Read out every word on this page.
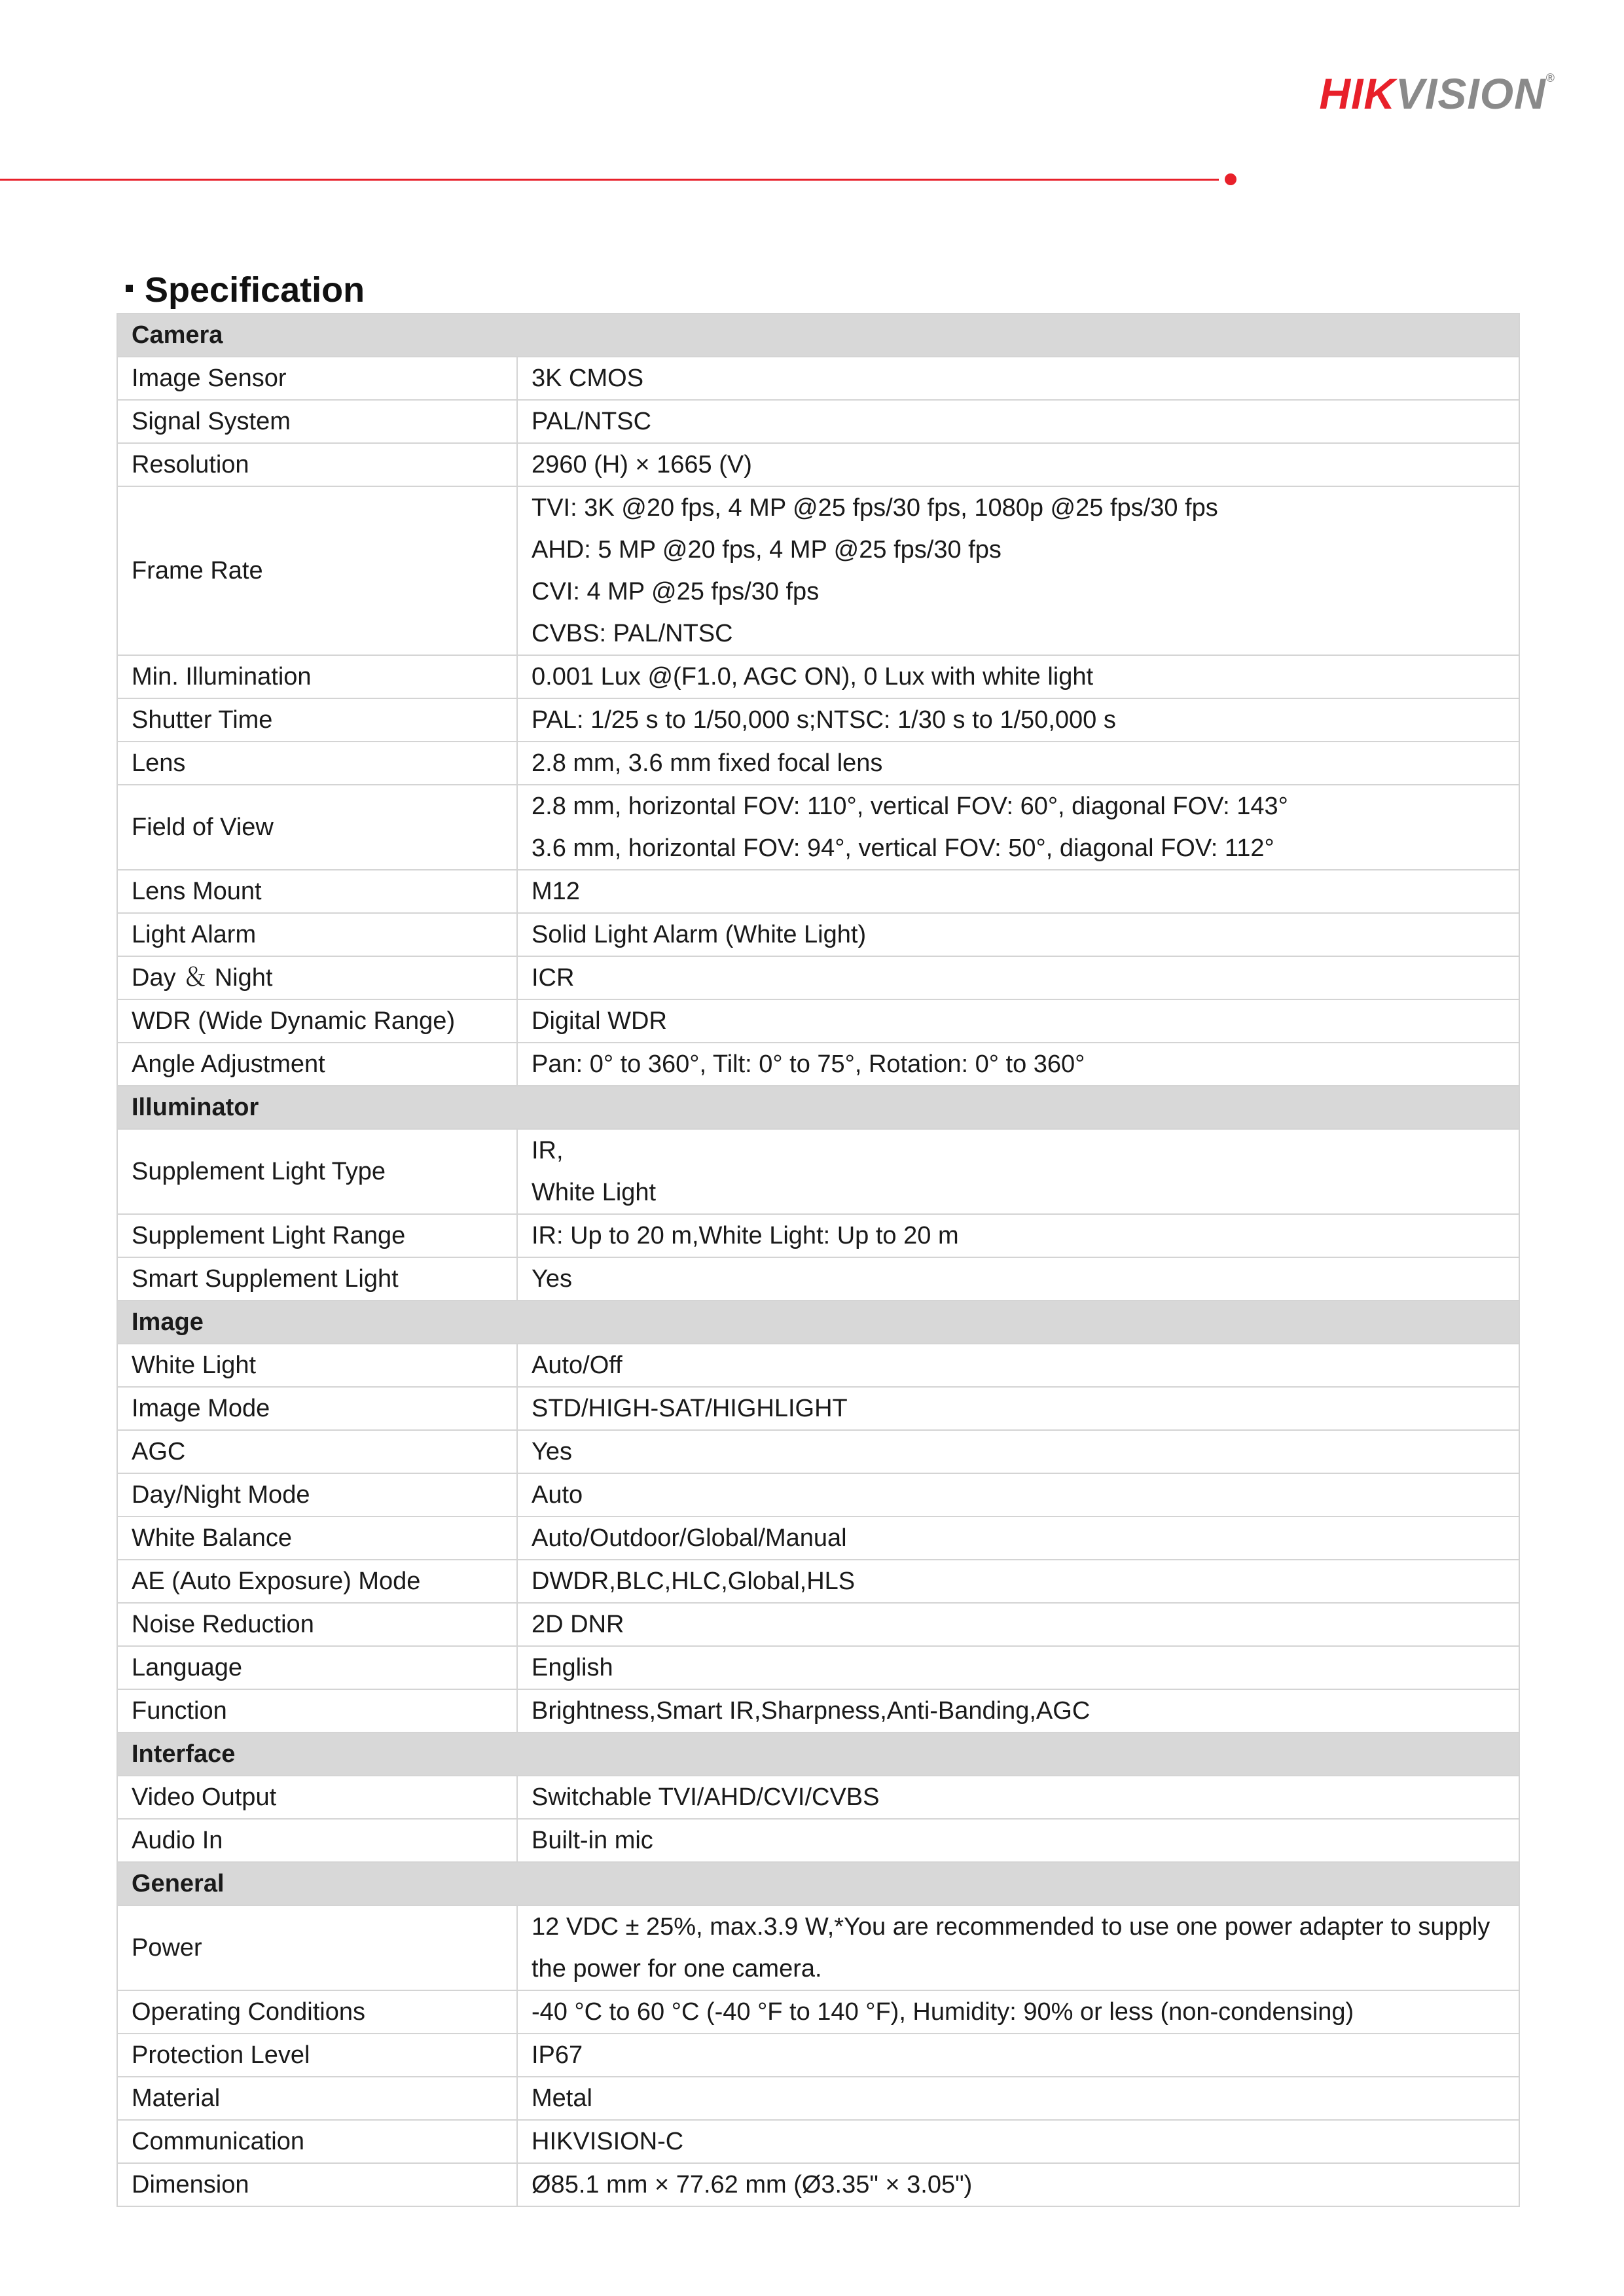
HIKVISION®
Specification
Camera	
Image Sensor	3K CMOS

Signal System	PAL/NTSC

Resolution	2960 (H) × 1665 (V)

Frame Rate	TVI: 3K @20 fps, 4 MP @25 fps/30 fps, 1080p @25 fps/30 fps
AHD: 5 MP @20 fps, 4 MP @25 fps/30 fps
CVI: 4 MP @25 fps/30 fps
CVBS: PAL/NTSC

Min. Illumination	0.001 Lux @(F1.0, AGC ON), 0 Lux with white light

Shutter Time	PAL: 1/25 s to 1/50,000 s;NTSC: 1/30 s to 1/50,000 s

Lens	2.8 mm, 3.6 mm fixed focal lens

Field of View	2.8 mm, horizontal FOV: 110°, vertical FOV: 60°, diagonal FOV: 143°
3.6 mm, horizontal FOV: 94°, vertical FOV: 50°, diagonal FOV: 112°

Lens Mount	M12

Light Alarm	Solid Light Alarm (White Light)

Day ＆ Night	ICR

WDR (Wide Dynamic Range)	Digital WDR

Angle Adjustment	Pan: 0° to 360°, Tilt: 0° to 75°, Rotation: 0° to 360°

Illuminator	
Supplement Light Type	IR,
White Light

Supplement Light Range	IR: Up to 20 m,White Light: Up to 20 m

Smart Supplement Light	Yes

Image	
White Light	Auto/Off

Image Mode	STD/HIGH-SAT/HIGHLIGHT

AGC	Yes

Day/Night Mode	Auto

White Balance	Auto/Outdoor/Global/Manual

AE (Auto Exposure) Mode	DWDR,BLC,HLC,Global,HLS

Noise Reduction	2D DNR

Language	English

Function	Brightness,Smart IR,Sharpness,Anti-Banding,AGC

Interface	
Video Output	Switchable TVI/AHD/CVI/CVBS

Audio In	Built-in mic

General	
Power	12 VDC ± 25%, max.3.9 W,*You are recommended to use one power adapter to supply
the power for one camera.

Operating Conditions	-40 °C to 60 °C (-40 °F to 140 °F), Humidity: 90% or less (non-condensing)

Protection Level	IP67

Material	Metal

Communication	HIKVISION-C

Dimension	Ø85.1 mm × 77.62 mm (Ø3.35" × 3.05")
